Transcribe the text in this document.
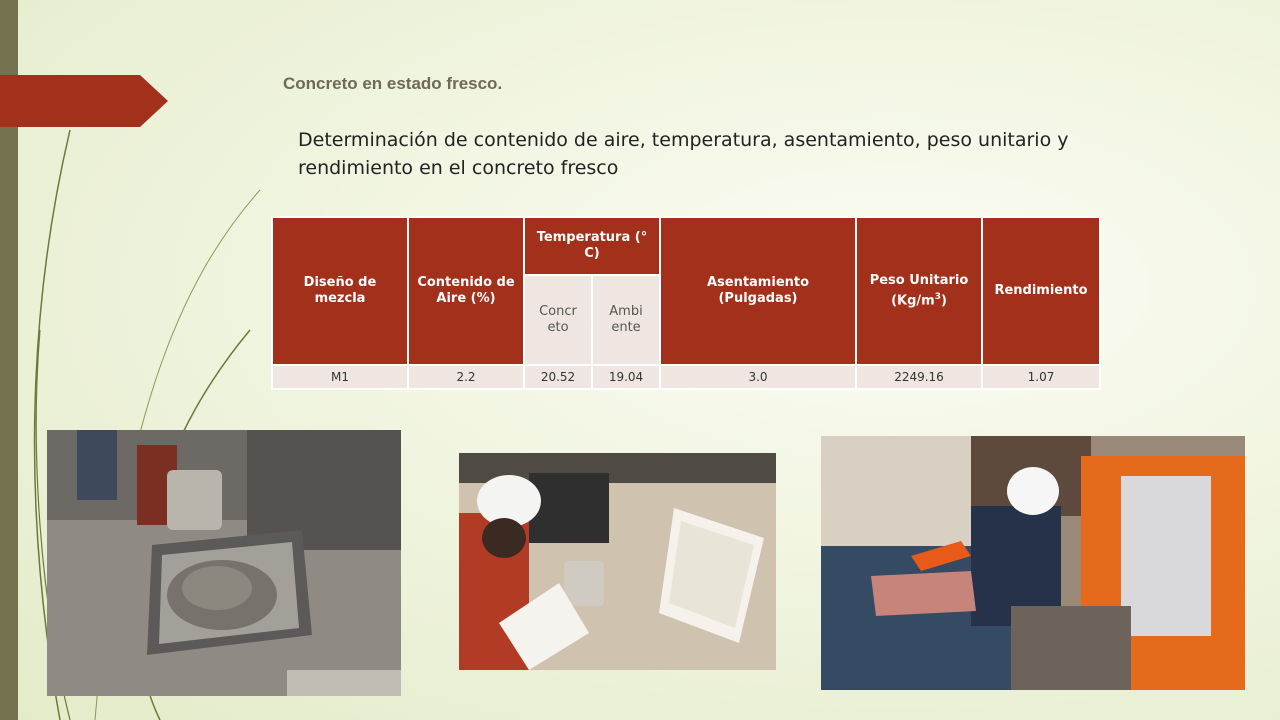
Concreto en estado fresco.
Determinación de contenido de aire, temperatura, asentamiento, peso unitario y rendimiento en el concreto fresco
Diseño de mezcla	Contenido de Aire (%)	Temperatura (° C)		Asentamiento (Pulgadas)	Peso Unitario $(Kg/m^3)$	Rendimiento
		Concr eto	Ambi ente			
M1	2.2	20.52	19.04	3.0	2249.16	1.07
